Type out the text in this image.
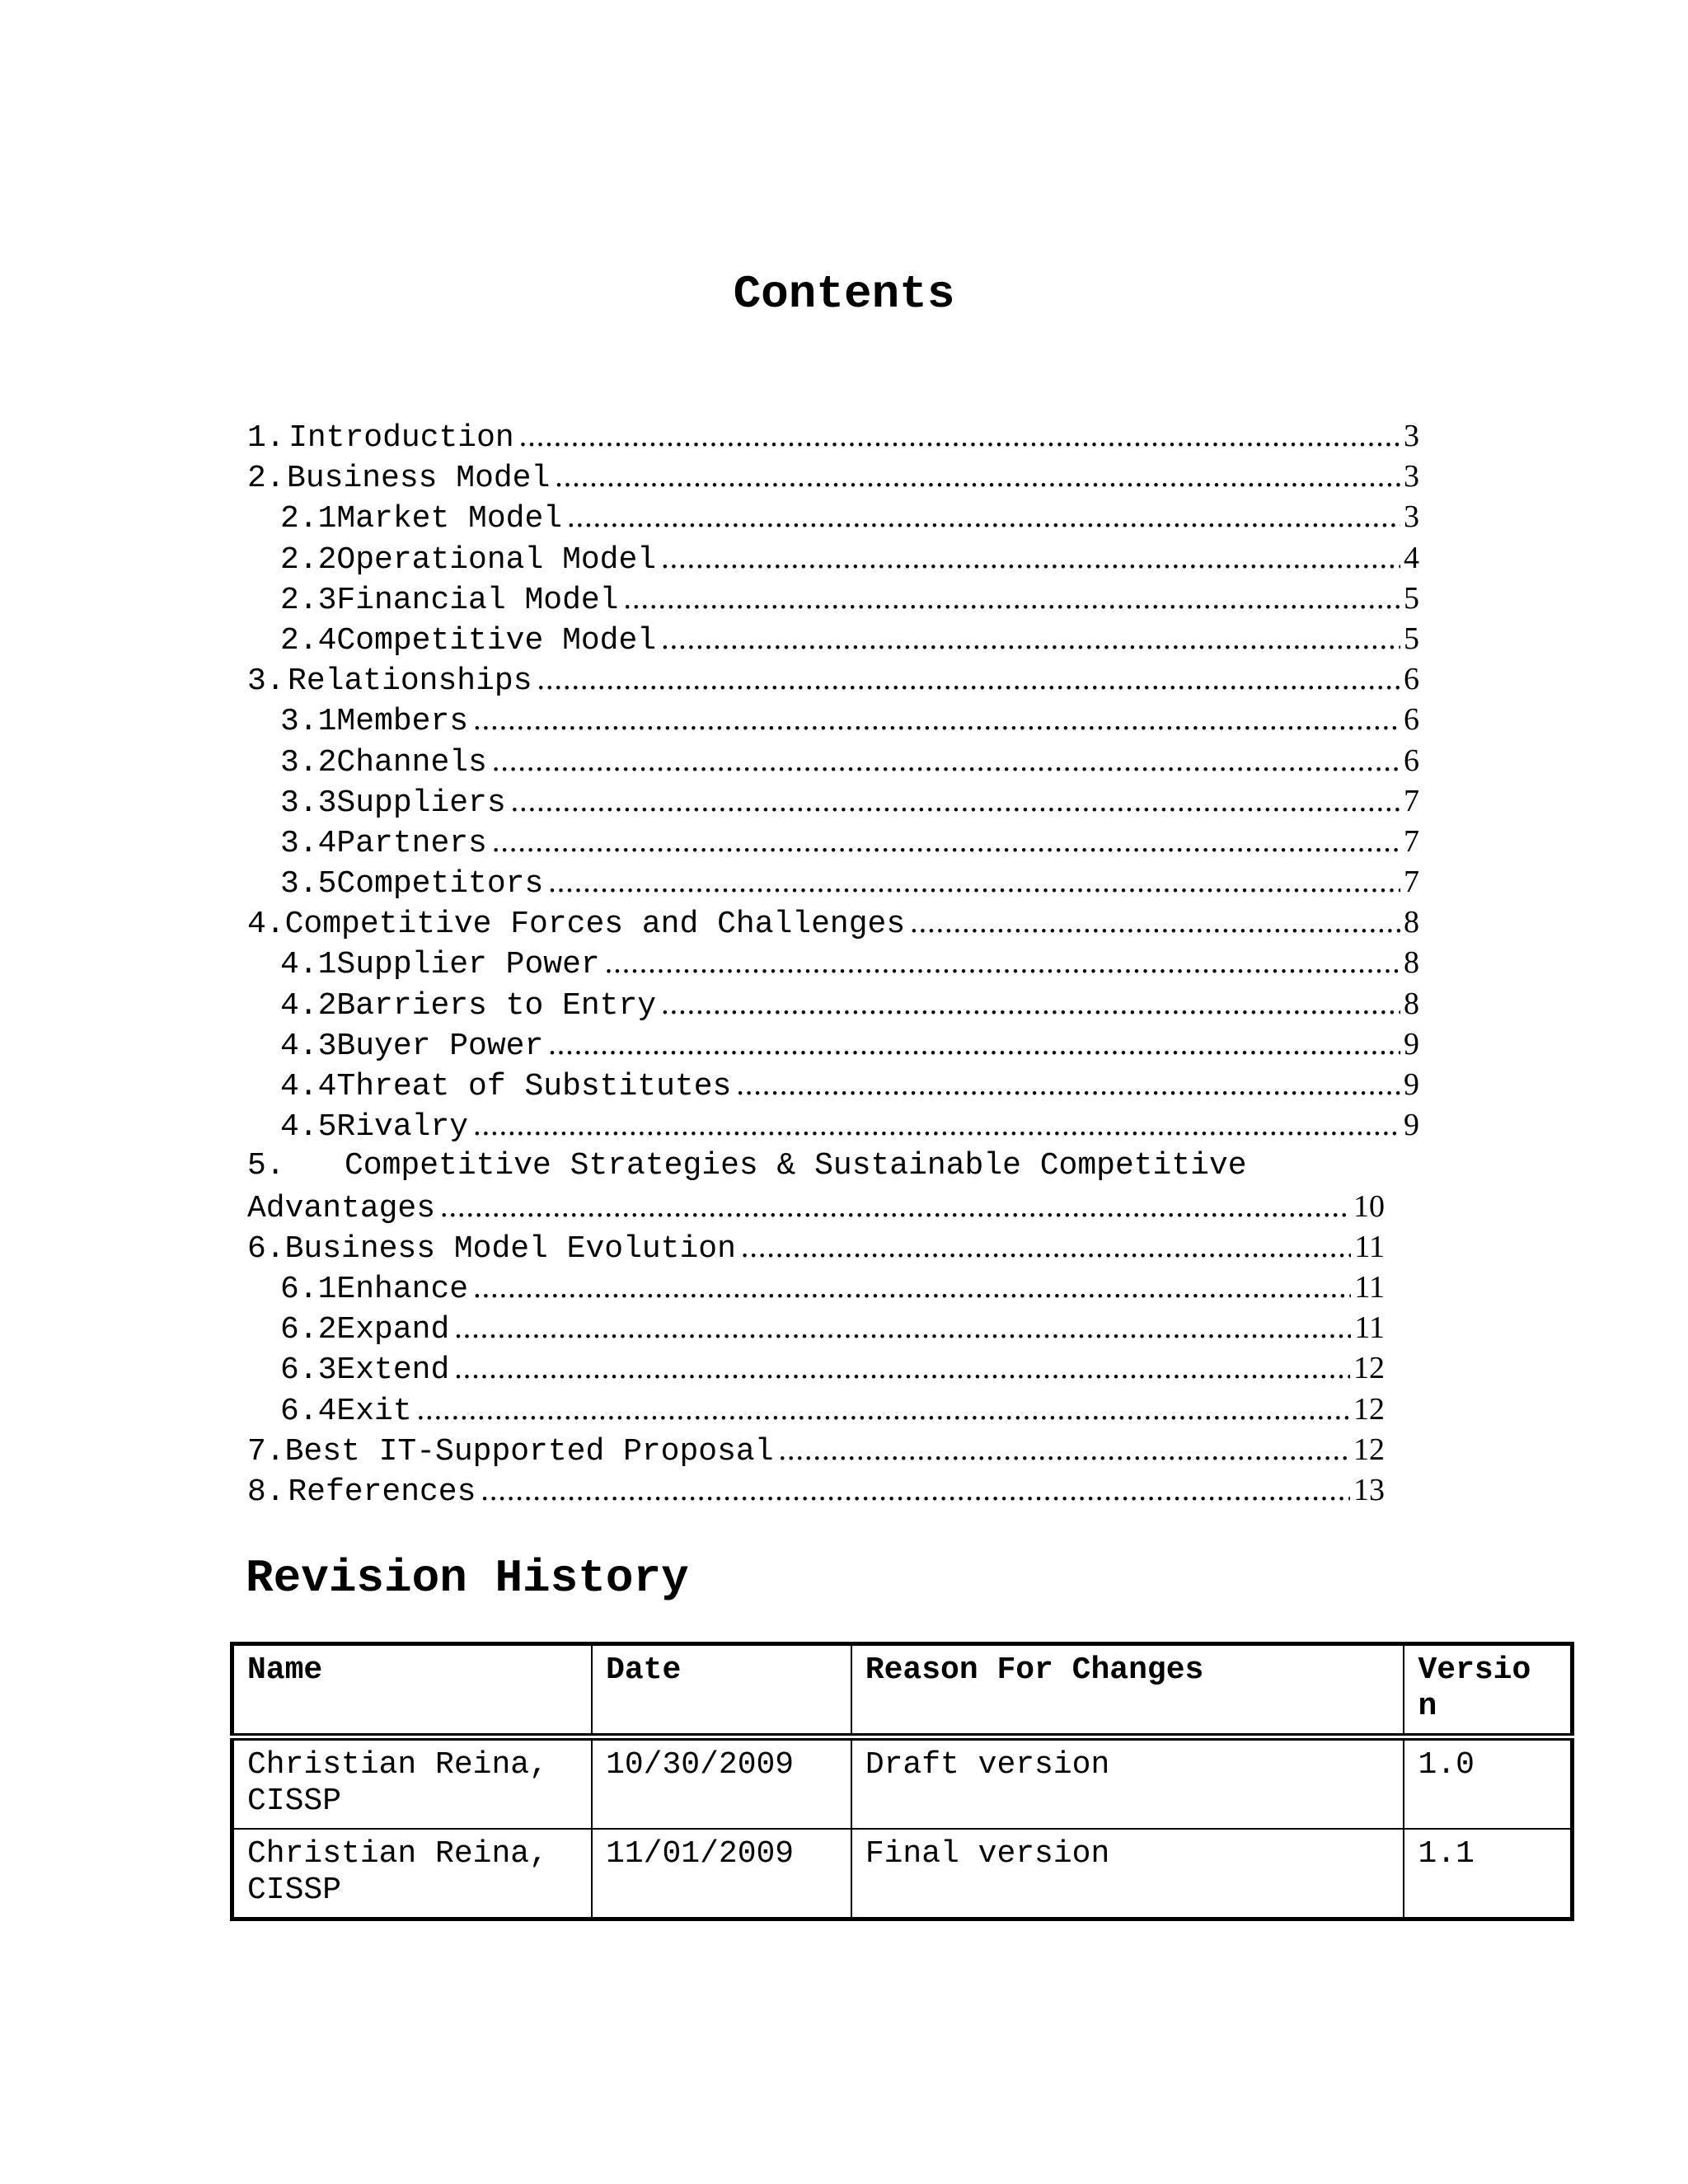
Contents
1. Introduction .....	3
2. Business Model .....	3
2.1 Market Model .....	3
2.2 Operational Model .....	4
2.3 Financial Model .....	5
2.4 Competitive Model .....	5
3. Relationships .....	6
3.1 Members .....	6
3.2 Channels .....	6
3.3 Suppliers .....	7
3.4 Partners .....	7
3.5 Competitors .....	7
4. Competitive Forces and Challenges .....	8
4.1 Supplier Power .....	8
4.2 Barriers to Entry .....	8
4.3 Buyer Power .....	9
4.4 Threat of Substitutes .....	9
4.5 Rivalry .....	9
5. Competitive Strategies & Sustainable Competitive
Advantages .....	10
6. Business Model Evolution .....	11
6.1 Enhance .....	11
6.2 Expand .....	11
6.3 Extend .....	12
6.4 Exit .....	12
7. Best IT-Supported Proposal .....	12
8. References .....	13
Revision History
Name	Date	Reason For Changes	Versio
n
Christian Reina,
CISSP	10/30/2009	Draft version	1.0
Christian Reina,
CISSP	11/01/2009	Final version	1.1
